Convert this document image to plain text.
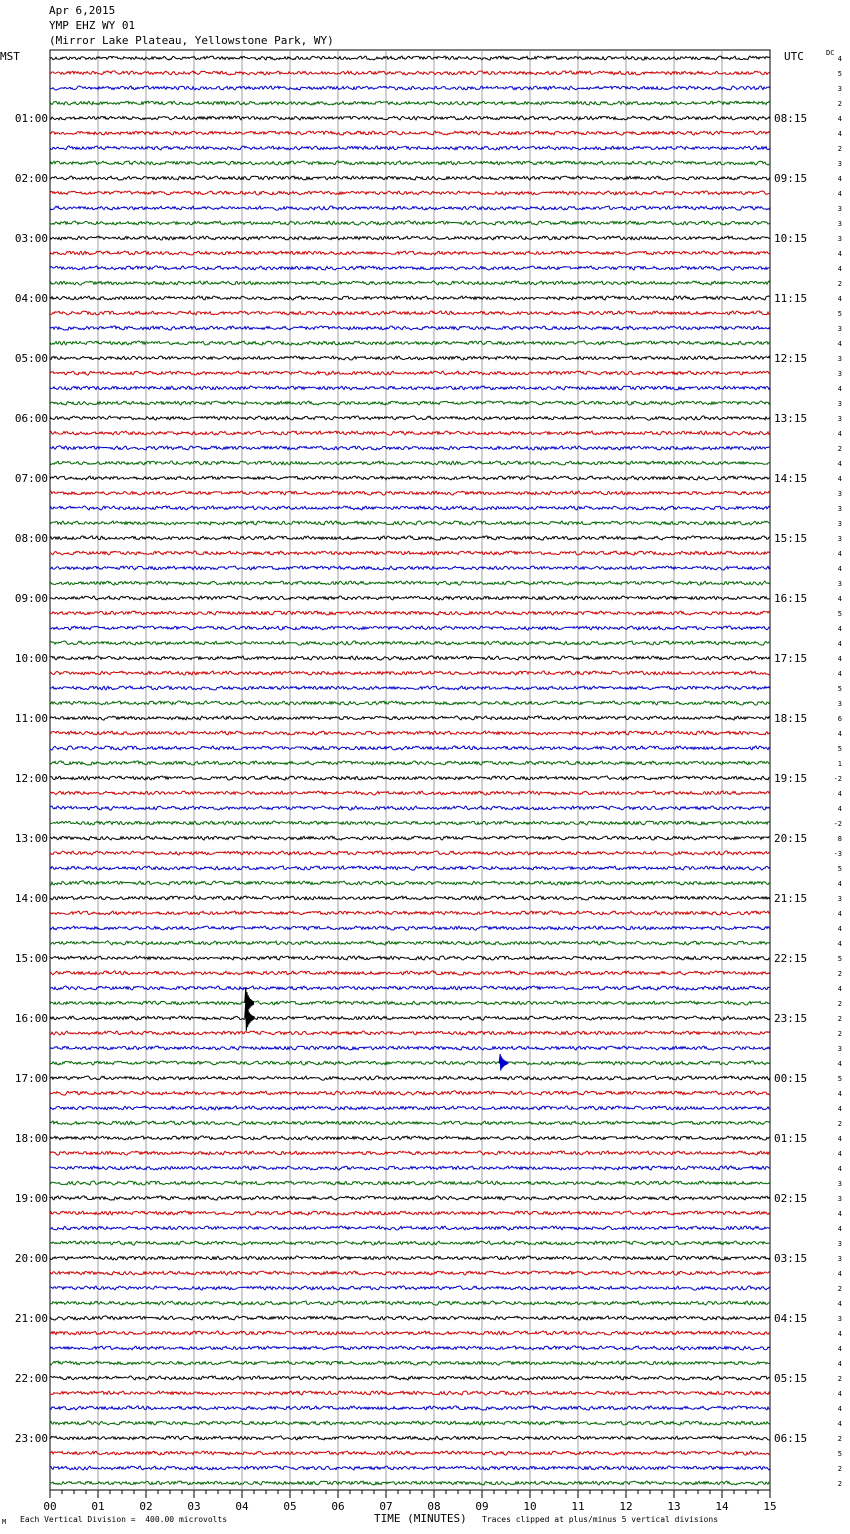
Apr 6,2015
YMP EHZ WY 01
(Mirror Lake Plateau, Yellowstone Park, WY)
MST	UTC	DC
4
5
3
2
4
4
2
3
4
4
3
3
3
4
4
2
4
5
3
4
3
3
4
3
3
4
2
4
4
3
3
3
3
4
4
3
4
5
4
4
4
4
5
3
6
4
5
1
-2
4
4
-2
8
-3
5
4
3
4
4
4
5
2
4
2
2
2
3
4
5
4
4
2
4
4
4
3
3
4
4
3
3
4
2
4
3
4
4
4
2
4
4
4
2
5
2
2
01:00
02:00
03:00
04:00
05:00
06:00
07:00
08:00
09:00
10:00
11:00
12:00
13:00
14:00
15:00
16:00
17:00
18:00
19:00
20:00
21:00
22:00
23:00
08:15
09:15
10:15
11:15
12:15
13:15
14:15
15:15
16:15
17:15
18:15
19:15
20:15
21:15
22:15
23:15
00:15
01:15
02:15
03:15
04:15
05:15
06:15
00	01	02	03	04	05	06	07	08	09	10	11	12	13	14	15
Each Vertical Division =  400.00 microvolts	TIME (MINUTES) Traces clipped at plus/minus 5 vertical divisions
M
